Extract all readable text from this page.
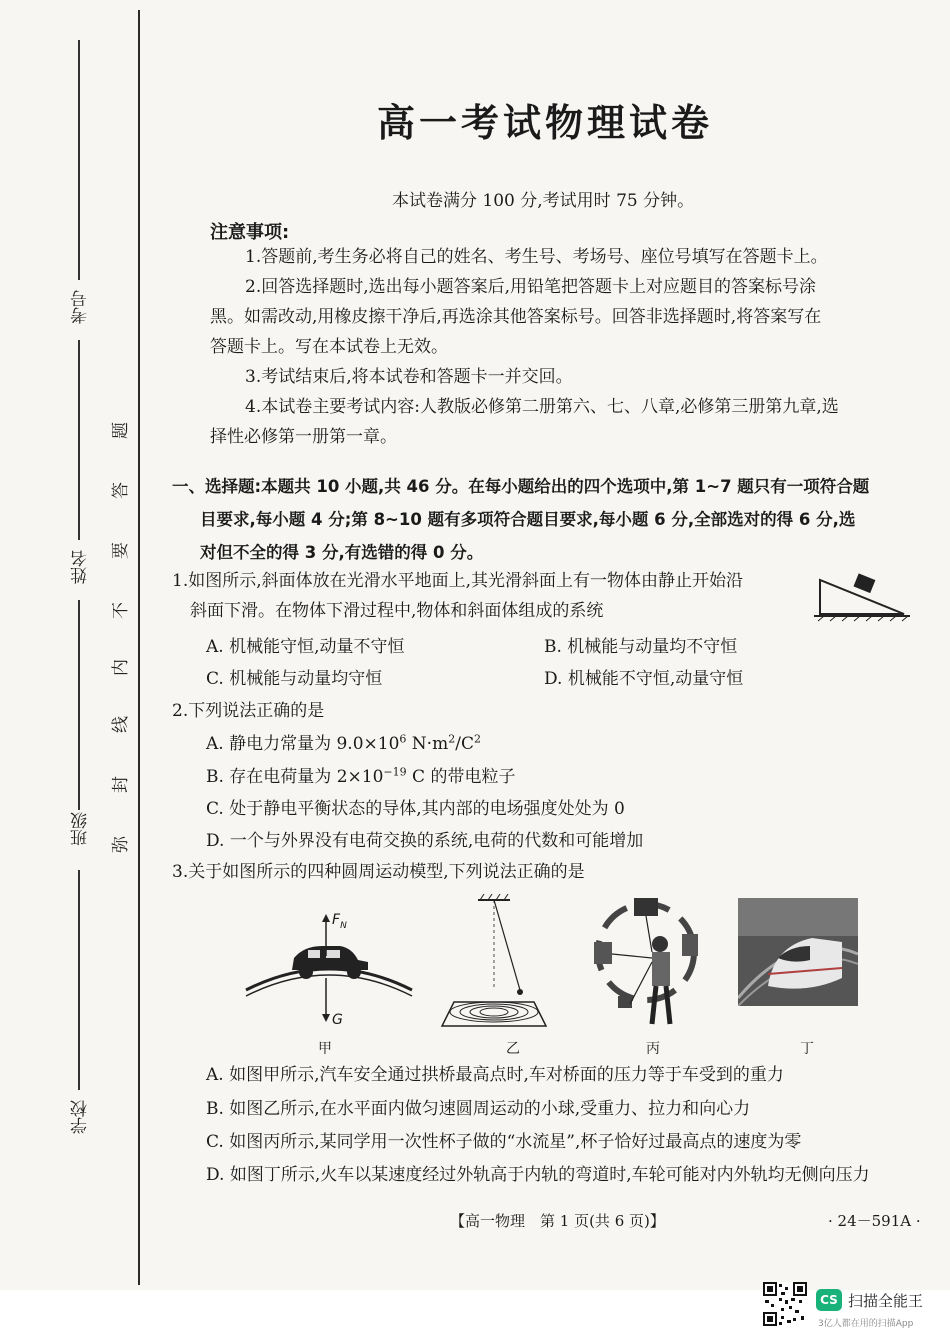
考号
姓名
班级
学校
题
答
要
不
内
线
封
弥
高一考试物理试卷
本试卷满分 100 分,考试用时 75 分钟。
注意事项:
1.答题前,考生务必将自己的姓名、考生号、考场号、座位号填写在答题卡上。
2.回答选择题时,选出每小题答案后,用铅笔把答题卡上对应题目的答案标号涂
黑。如需改动,用橡皮擦干净后,再选涂其他答案标号。回答非选择题时,将答案写在
答题卡上。写在本试卷上无效。
3.考试结束后,将本试卷和答题卡一并交回。
4.本试卷主要考试内容:人教版必修第二册第六、七、八章,必修第三册第九章,选
择性必修第一册第一章。
一、选择题:本题共 10 小题,共 46 分。在每小题给出的四个选项中,第 1~7 题只有一项符合题
目要求,每小题 4 分;第 8~10 题有多项符合题目要求,每小题 6 分,全部选对的得 6 分,选
对但不全的得 3 分,有选错的得 0 分。
1.如图所示,斜面体放在光滑水平地面上,其光滑斜面上有一物体由静止开始沿
斜面下滑。在物体下滑过程中,物体和斜面体组成的系统
A. 机械能守恒,动量不守恒	B. 机械能与动量均不守恒
C. 机械能与动量均守恒	D. 机械能不守恒,动量守恒
2.下列说法正确的是
A. 静电力常量为 $9.0\times 10^6$ $N\cdot m^2/C^2$
B. 存在电荷量为 $2\times 10^{-19}$ C 的带电粒子
C. 处于静电平衡状态的导体,其内部的电场强度处处为 0
D. 一个与外界没有电荷交换的系统,电荷的代数和可能增加
3.关于如图所示的四种圆周运动模型,下列说法正确的是
$F_N$
G
甲	乙	丙	丁
A. 如图甲所示,汽车安全通过拱桥最高点时,车对桥面的压力等于车受到的重力
B. 如图乙所示,在水平面内做匀速圆周运动的小球,受重力、拉力和向心力
C. 如图丙所示,某同学用一次性杯子做的“水流星”,杯子恰好过最高点的速度为零
D. 如图丁所示,火车以某速度经过外轨高于内轨的弯道时,车轮可能对内外轨均无侧向压力
【高一物理　第 1 页(共 6 页)】	· 24－591A ·
CS 扫描全能王
3亿人都在用的扫描App
